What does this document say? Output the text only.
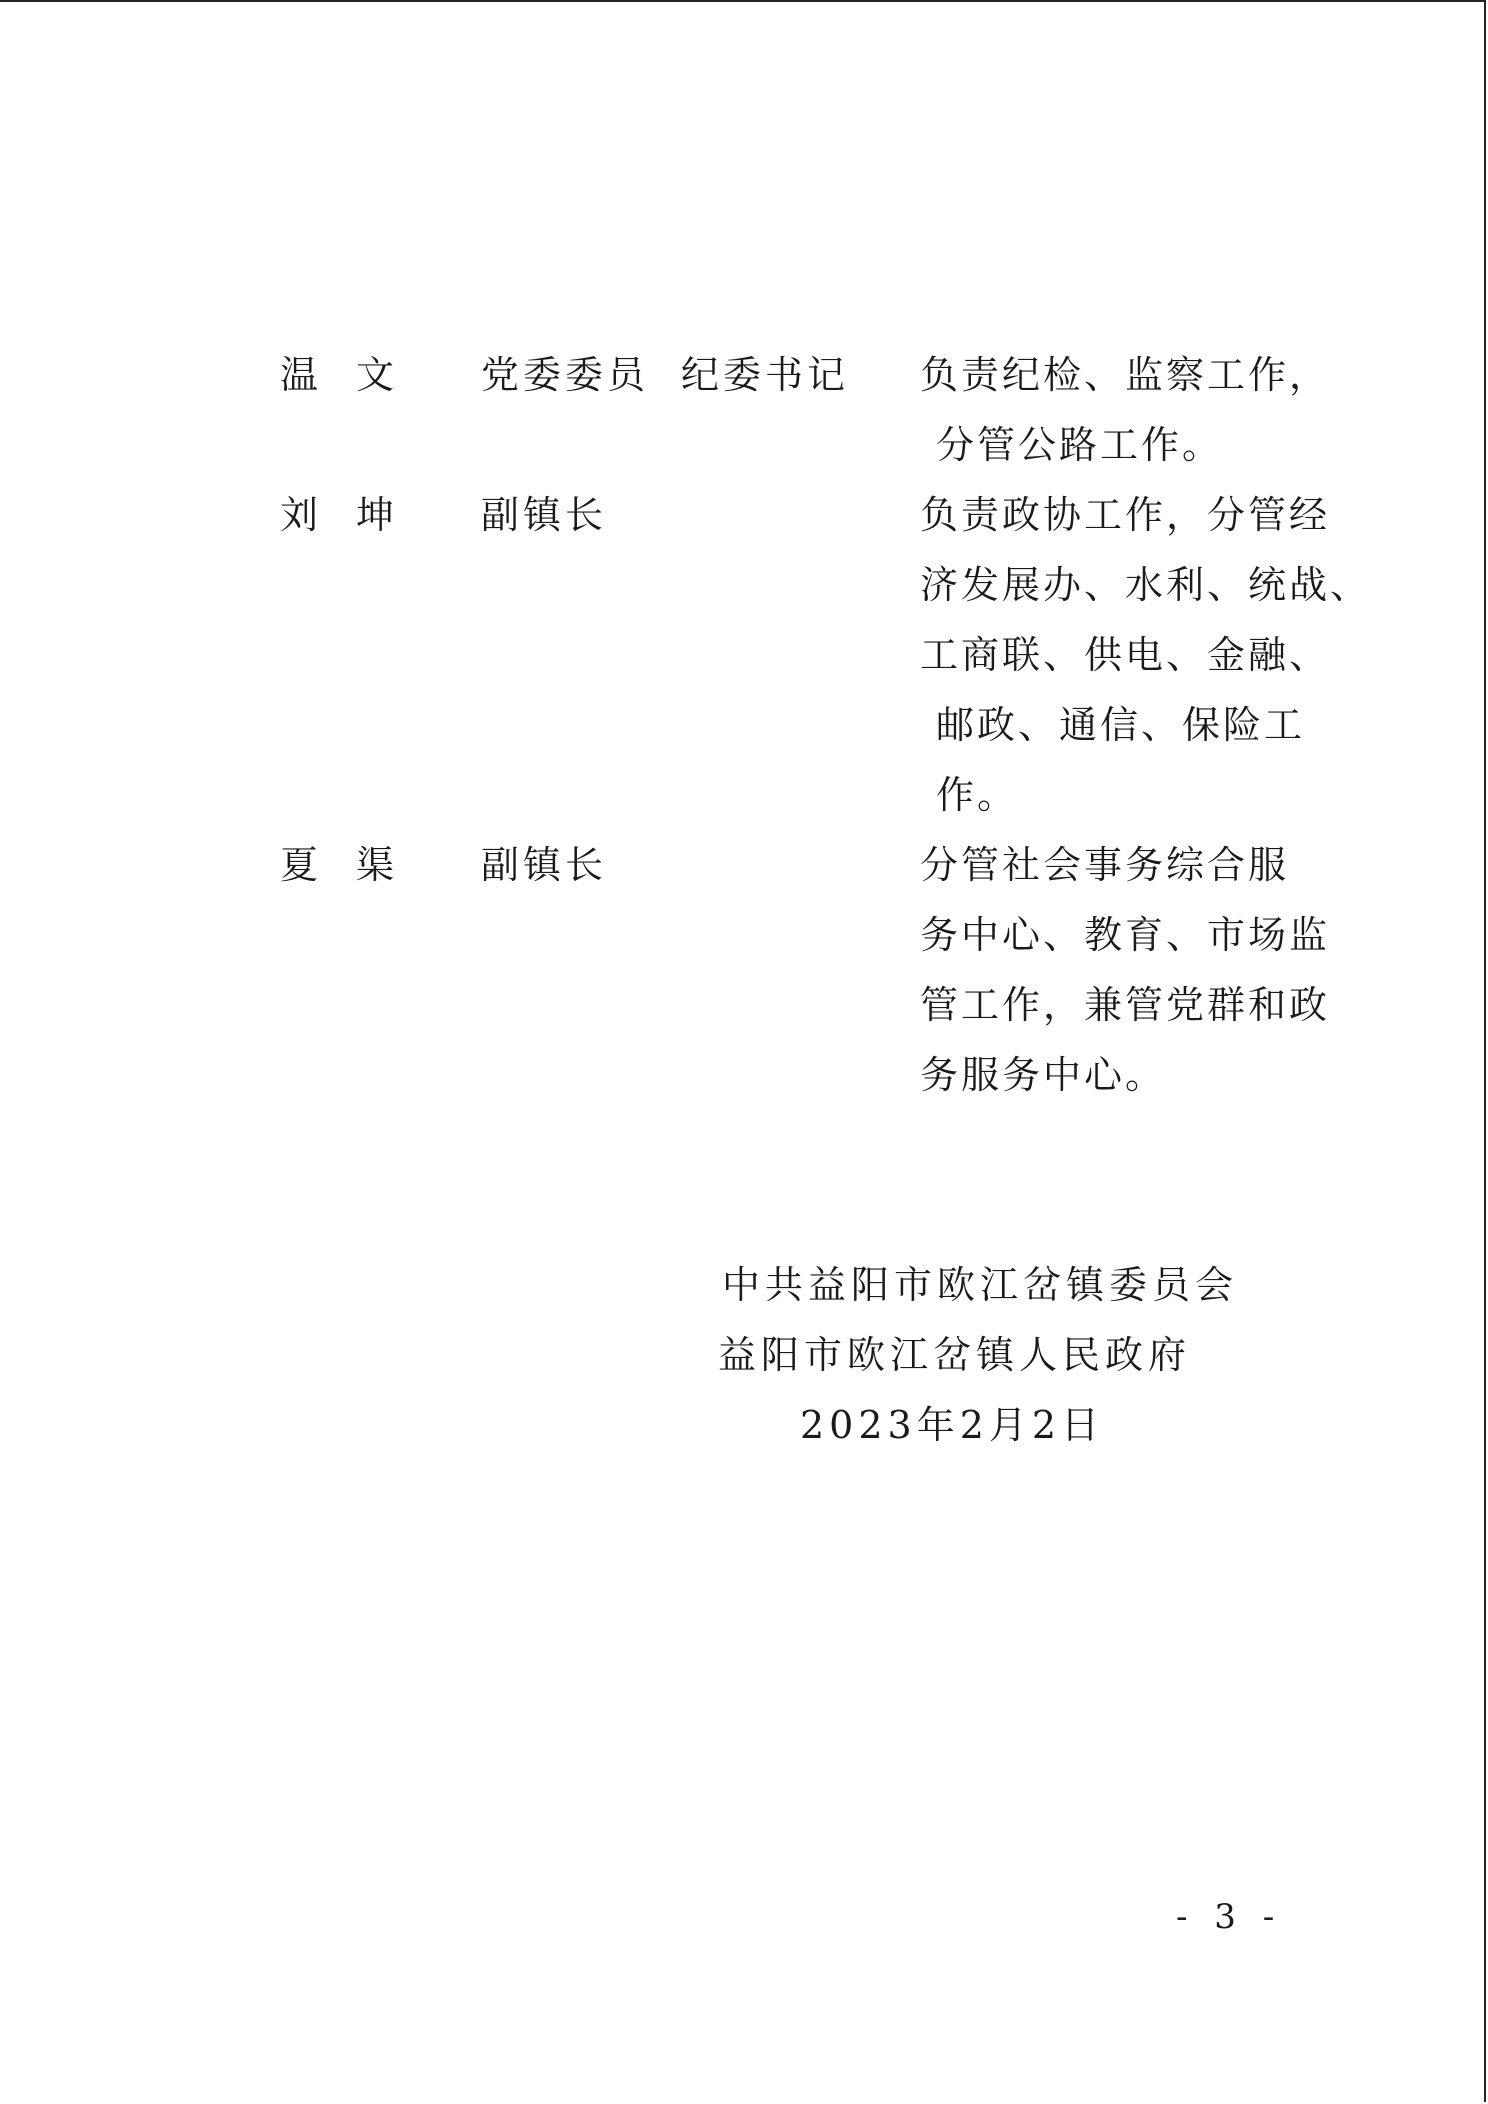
温文 党委委员 纪委书记 负责纪检、监察工作，
分管公路工作。
刘坤 副镇长	负责政协工作，分管经
济发展办、水利、统战、
工商联、供电、金融、
邮政、通信、保险工
作。
夏渠 副镇长	分管社会事务综合服
务中心、教育、市场监
管工作，兼管党群和政
务服务中心。
中共益阳市欧江岔镇委员会
益阳市欧江岔镇人民政府
2023年2月2日
- 3 -
